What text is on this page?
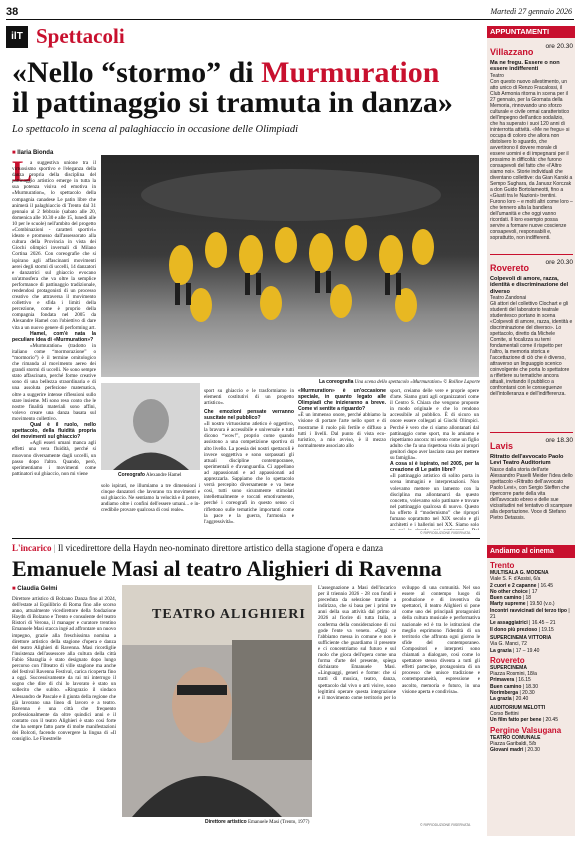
38	Martedì 27 gennaio 2026
ilT Spettacoli
«Nello “stormo” di Murmuration
il pattinaggio si tramuta in danza»
Lo spettacolo in scena al palaghiaccio in occasione delle Olimpiadi
■ Ilaria Bionda
L

a suggestiva unione tra il virtuosismo sportivo e l'eleganza della danza propria della disciplina del pattinaggio artistico emerge in tutta la sua potenza visiva ed emotiva in «Murmuration», lo spettacolo della compagnia canadese Le patin libre che animerà il palaghiaccio di Trento dal 31 gennaio al 2 febbraio (sabato alle 20, domenica alle 10.30 e alle 15, lunedì alle 10 per le scuole) nell'ambito del progetto «Combinazioni - caratteri sportivi» ideato e promosso dall'assessorato alla cultura della Provincia in vista dei Giochi olimpici invernali di Milano Cortina 2026. Con coreografie che si ispirano agli affascinanti movimenti aerei degli stormi di uccelli, 14 danzatori e danzatrici sul ghiaccio evocano un'atmosfera che va oltre la semplice performance di pattinaggio tradizionale, rendendosi protagonisti di un processo creativo che attraversa il movimento collettivo e sfida i limiti della percezione, come è proprio della compagnia fondata nel 2005 da Alexandre Hamel con l'obiettivo di dare vita a un nuovo genere di performing art.

Hamel, com'è nata la peculiare idea di «Murmuration»?

«Murmuration» (tradotto in italiano come “mormorazione” o “mormorìo”) è il termine ornitologico che rimanda al movimento aereo dei grandi stormi di uccelli. Ne sono sempre stato affascinato, perché forme creative sono di una bellezza straordinaria e di una assoluta perfezione matematica, oltre a suggerire intense riflessioni sullo stare insieme. Mi sono reso conto che le nostre finalità materiali sono affini, volevo creare una danza basata sul movimento collettivo.

Qual è il ruolo, nello spettacolo, della fluidità propria dei movimenti sul ghiaccio?

«Agli esseri umani manca agli effetti una vera fluidità, perché si muovono diversamente dagli uccelli, un passo dopo l'altro. Quando, però, sperimentiamo i movimenti come pattinatori sul ghiaccio, non mi viene

La coreografia Una scena dello spettacolo «Murmuration» © Rolline Laporte
Coreografo Alexandre Hamel

solo ispirati, ne illumiamo a tre dimensioni i cinque danzatori che lavorano tra movimenti e sul ghiaccio. Ne sentiamo la velocità e il potere, andiamo oltre i confini dell'essere umani... e in-credibile provare qualcosa di così reale».

sport su ghiaccio e le trasformiamo in elementi costitutivi di un progetto artistico».

Che emozioni pensate verranno suscitate nel pubblico?

«Il nostro virtuosismo atletico è oggettivo, la bravura è accessibile e universale e tutti dicono “wow!”, proprio come quando assistono a una competizione sportiva di alto livello. La poesia dei nostri spettacoli è invece soggettiva e sono sorpassati gli attuali discipline contemporanee, sperimentali e d'avanguardia. Ci appellano ad appassionati e ad appassionati ad apprezzarla. Sappiamo che lo spettacolo verrà percepito diversamente e va bene così, tutti sono sicuramente stimolati intellettualmente e toccati emotivamente, perché i coreografi in questo senso ci riflettono sulle tematiche importanti come la pace e la guerra, l'armonia e l'aggressività».

«Murmuration» è un'occasione speciale, in quanto legato alle Olimpiadi che inizieranno a breve. Come vi sentite a riguardo?

«È un immenso onore, perché abbiamo la visione di portare l'arte nello sport e di mostrarne il ruolo più fertile e diffuso a tutti i livelli. Dal punto di vista eco-turistico, a mio avviso, è il mezzo normalmente associato allo

sport, creiamo delle vere e proprie opere d'arte. Siamo grati agli organizzatori come il Centro S. Chiara che vengono proposte in modo originale e che lo rendono accessibile al pubblico. È di sicuro un onore essere collegati ai Giochi Olimpici. Perché è vero che ci siamo allontanati dal pattinaggio come sport, ma lo amiamo e rispettiamo ancora: mi sento come un figlio adulto che fa una rispettosa visita ai propri genitori dopo aver lasciato casa per mettere su famiglia».

A cosa si è ispirato, nel 2005, per la creazione di Le patin libre?

«Il pattinaggio artistico di solito porta in scena immagini e interpretazioni. Non volevamo mettere un lamento con la disciplina ma allontanarci da questo concetto, volevamo solo pattinare e trovare nel pattinaggio qualcosa di nuovo. Questo ha offerto il “modernismo” che ripropri fumano soprattutto nel XIX secolo e gli architetti e i ballerini nel XX. Siamo solo

© RIPRODUZIONE RISERVATA
L'incarico | Il vicedirettore della Haydn neo-nominato direttore artistico della stagione d'opera e danza
Emanuele Masi al teatro Alighieri di Ravenna
■ Claudia Gelmi

Direttore artistico di Bolzano Danza fino al 2024, dell'estate al Equilibrio di Roma fino alle scorso anno, attualmente vicedirettore della fondazione Haydn di Bolzano e Trento e consulente del teatro Ristori di Verona, il manager e curatore trentino Emanuele Masi stacca ingé ad affrontare un nuovo impegno, grazie alla freschissima nomina a direttore artistico della stagione d'opera e danza del teatro Alighieri di Ravenna. Masi ricordiglie l'insistenza dell'assessore alla cultura della città Fabio Sbaraglia è stato designato dopo lungo percorso con l'Ilteatro di ville stagione ma anche del festival Ravenna Festival, carica ricoperta fino a oggi. Successivamente da rai mi interrogo il sogno che dire di chi lo lavorato è stato un sollecito che subito. «Ringrazio il sindaco Alessandro de Pascale e il giunta della regione che già lavorano una linea di lavoro e a teatro. Ravenna è una città che frequento professionalmente da oltre quindici anni e il contatto con il teatro Alighieri è stato così forte che ha sempre fatto parte di molte manifestazioni dei Bolcoti, facendo convergere la lingua di «Il consiglio. Le Finestrelle

TEATRO ALIGHIERI
Direttore artistico Emanuele Masi (Trento, 1977)

L'assegnazione a Masi dell'incarico per il triennio 2026 - 28 con fondi è preceduta da selezione tramite a indirizzo, che si basa per i primi tre anni della sua attività dal primo al 2026 al fiorire di tutta Italia, a conferma della considerazione di cui gode l'ente va veneto. «Oggi ce l'abbiamo messa in comune e non è sufficiente che guardiamo il presente e ci concentriamo sul futuro e sul ruolo che gioca dell'opera come una forma d'arte del presente, spiega dichiarato Emanuele Masi. «Linguaggi, generi e forme: che si tratti di musica, teatro, danza, spettacolo dal vivo o arti visive, sono legittimi operare questa integrazione e il movimento come territorio per lo sviluppo di una comunità. Nel suo essere al contempo luogo di produzione e di inventiva da spettatori, il teatro Alighieri si pone come uno dei principali protagonisti della cultura musicale e performativa nazionale ed è tra le istituzioni che meglio esprimono l'identità di un territorio che affronta ogni giorno le sfide del contemporaneo. Compositori e interpreti sono chiamati a dialogare, così come lo spettatore stesso diventa a tutti gli effetti partecipe, protagonista di un processo che unisce tradizione e contemporaneità, espressione e ascolto, memoria e futuro, in una visione aperta e condivisa».

© RIPRODUZIONE RISERVATA
APPUNTAMENTI
Villazzano
ore 20.30
Ma ne fregu. Essere o non essere indifferenti
Teatro
Con questo nuovo allestimento, un atto unico di Renzo Fracalossi, il Club Armonia ritorna in scena per il 27 gennaio, per la Giornata della Memoria, rinnovando uno sforzo culturale e civile ormai caratteristico dell'impegno dell'antico sodalizio, che ha superato i suoi 120 anni di ininterrotta attività. «Me ne fregu» si occupa di coloro che allora non distolsero lo sguardo, che avvertirono il dovere morale di essere uomini e di impegnarsi per il prossimo in difficoltà: che furono consapevoli del fatto che «l'Altro siamo noi». Storie individuali che diventano collettive: da Gian Karski a Sempo Sughara, da Janusz Korczak a don Guido Bortolameotti, fino a «Giusti tra le Nazioni» trentini. Furono loro – e molti altri come loro – che tennero alta la bandiera dell'umanità e che oggi vanno ricordati. Il loro esempio possa servire a formare nuove coscienze consapevoli, responsabili e, soprattutto, non indifferenti.
Rovereto
ore 20.30
Colpevoli di amore, razza, identità e discriminazione del diverso
Teatro Zandonai
Gli attori del collettivo Clochart e gli studenti del laboratorio teatrale studentesco portano in scena «Colpevoli di amore, razza, identità e discriminazione del diverso». Lo spettacolo, diretto da Michele Comite, si focalizza su temi fondamentali come il rispetto per l'altro, la memoria storica e l'accettazione di ciò che è diverso, attraverso un linguaggio scenico coinvolgente che porta lo spettatore a riflettere su tematiche ancora attuali, invitando il pubblico a confrontarsi con le conseguenze dell'intolleranza e dell'indifferenza.
Lavis
ore 18.30
Ritratto dell'avvocato Paolo Levi Teatro Auditorium
Nasce dalla storia dell'arte Alessandro Paselli Meider l'idea dello spettacolo «Ritratto dell'avvocato Paolo Levi», con Sergio Steffen che ripercorre parte della vita dell'avvocato ebreo e delle sue vicissitudini nel tentativo di scampare alla deportazione. Voce di Stefano Pietro Detassis.
Andiamo al cinema
Trento
MULTISALA G. MODENA
Viale S. F. d'Assisi, 6/a
2 cuori e 2 capanne | 16.45
No other choice | 17
Buen camino | 18
Marty supreme | 19.50 (v.o.)
Incontri ravvicinati del terzo tipo | 21
Le assaggiatrici | 16.45 – 21
Il dono più prezioso | 19.15
SUPERCINEMA VITTORIA
Via G. Manci, 72
La grazia | 17 – 19.40
Rovereto
SUPERCINEMA
Piazza Rosmini, 18/a
Primavera | 16.15
Buen camino | 18.30
Norimberga | 20.30
La grazia | 20.40
AUDITORIUM MELOTTI
Corso Bettini
Un film fatto per bene | 20.45
Pergine Valsugana
TEATRO COMUNALE
Piazza Garibaldi, 5/b
Giovani madri | 20.30
